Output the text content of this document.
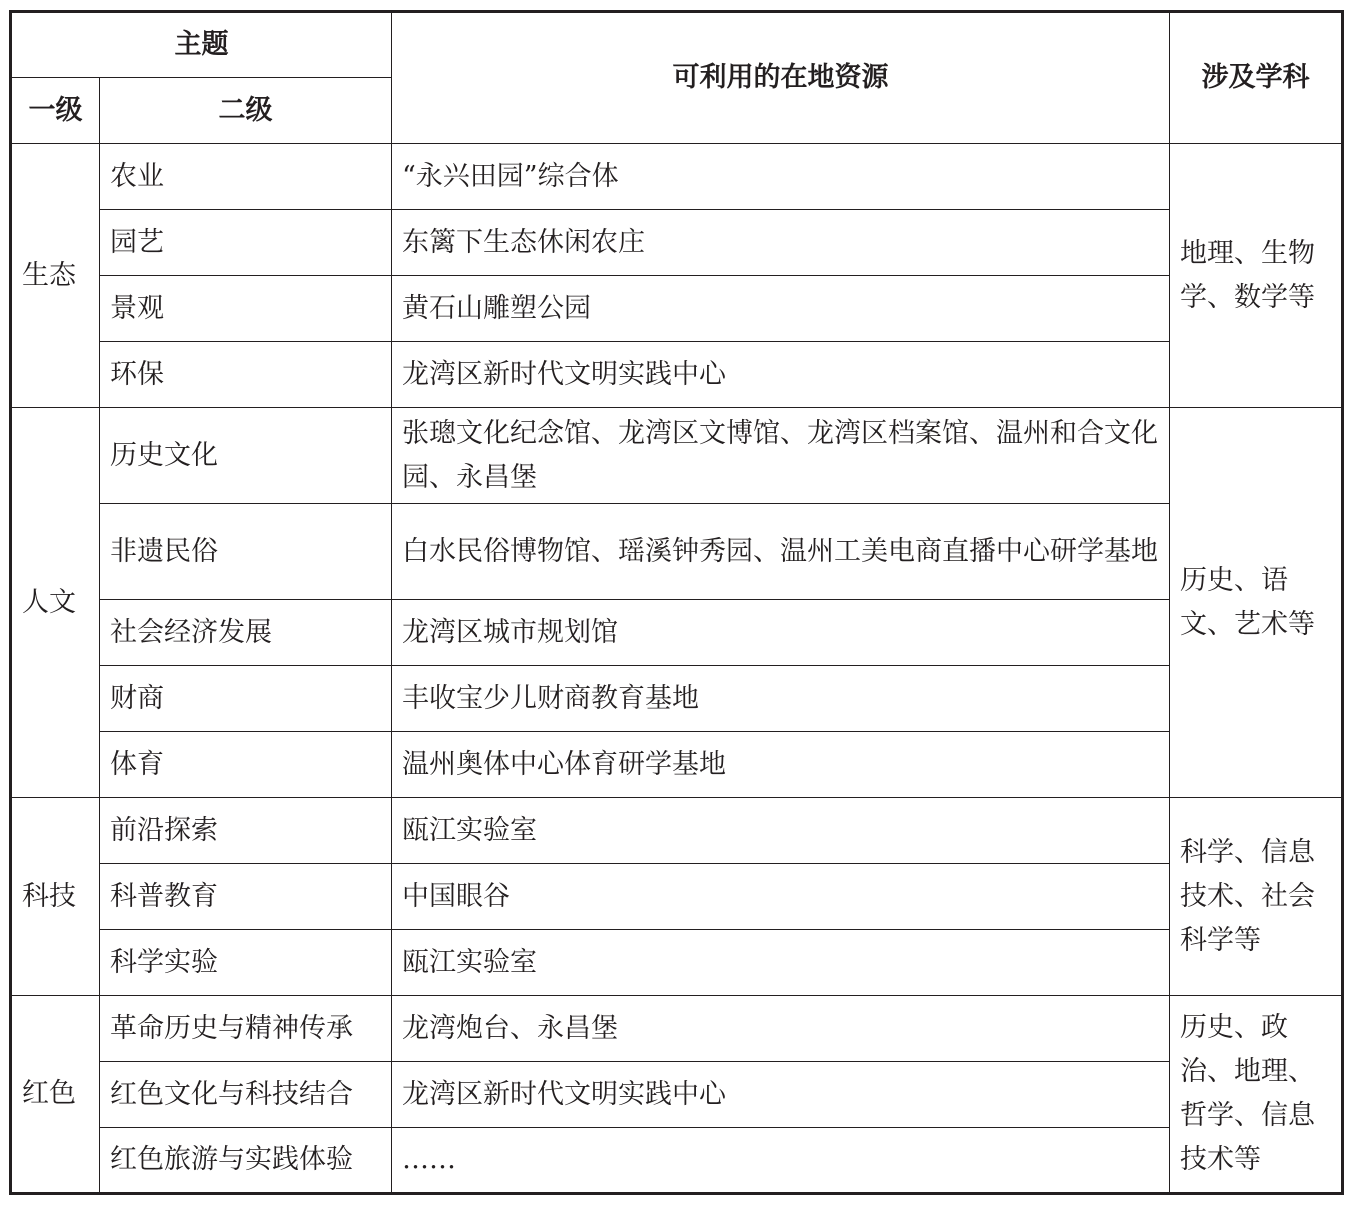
主题		可利用的在地资源	涉及学科
一级	二级		
生态	农业	“永兴田园”综合体	地理、生物学、数学等
	园艺	东篱下生态休闲农庄	
	景观	黄石山雕塑公园	
	环保	龙湾区新时代文明实践中心	
人文	历史文化	张璁文化纪念馆、龙湾区文博馆、龙湾区档案馆、温州和合文化园、永昌堡	历史、语文、艺术等
	非遗民俗	白水民俗博物馆、瑶溪钟秀园、温州工美电商直播中心研学基地	
	社会经济发展	龙湾区城市规划馆	
	财商	丰收宝少儿财商教育基地	
	体育	温州奥体中心体育研学基地	
科技	前沿探索	瓯江实验室	科学、信息技术、社会科学等
	科普教育	中国眼谷	
	科学实验	瓯江实验室	
红色	革命历史与精神传承	龙湾炮台、永昌堡	历史、政治、地理、哲学、信息技术等
	红色文化与科技结合	龙湾区新时代文明实践中心	
	红色旅游与实践体验	……	
